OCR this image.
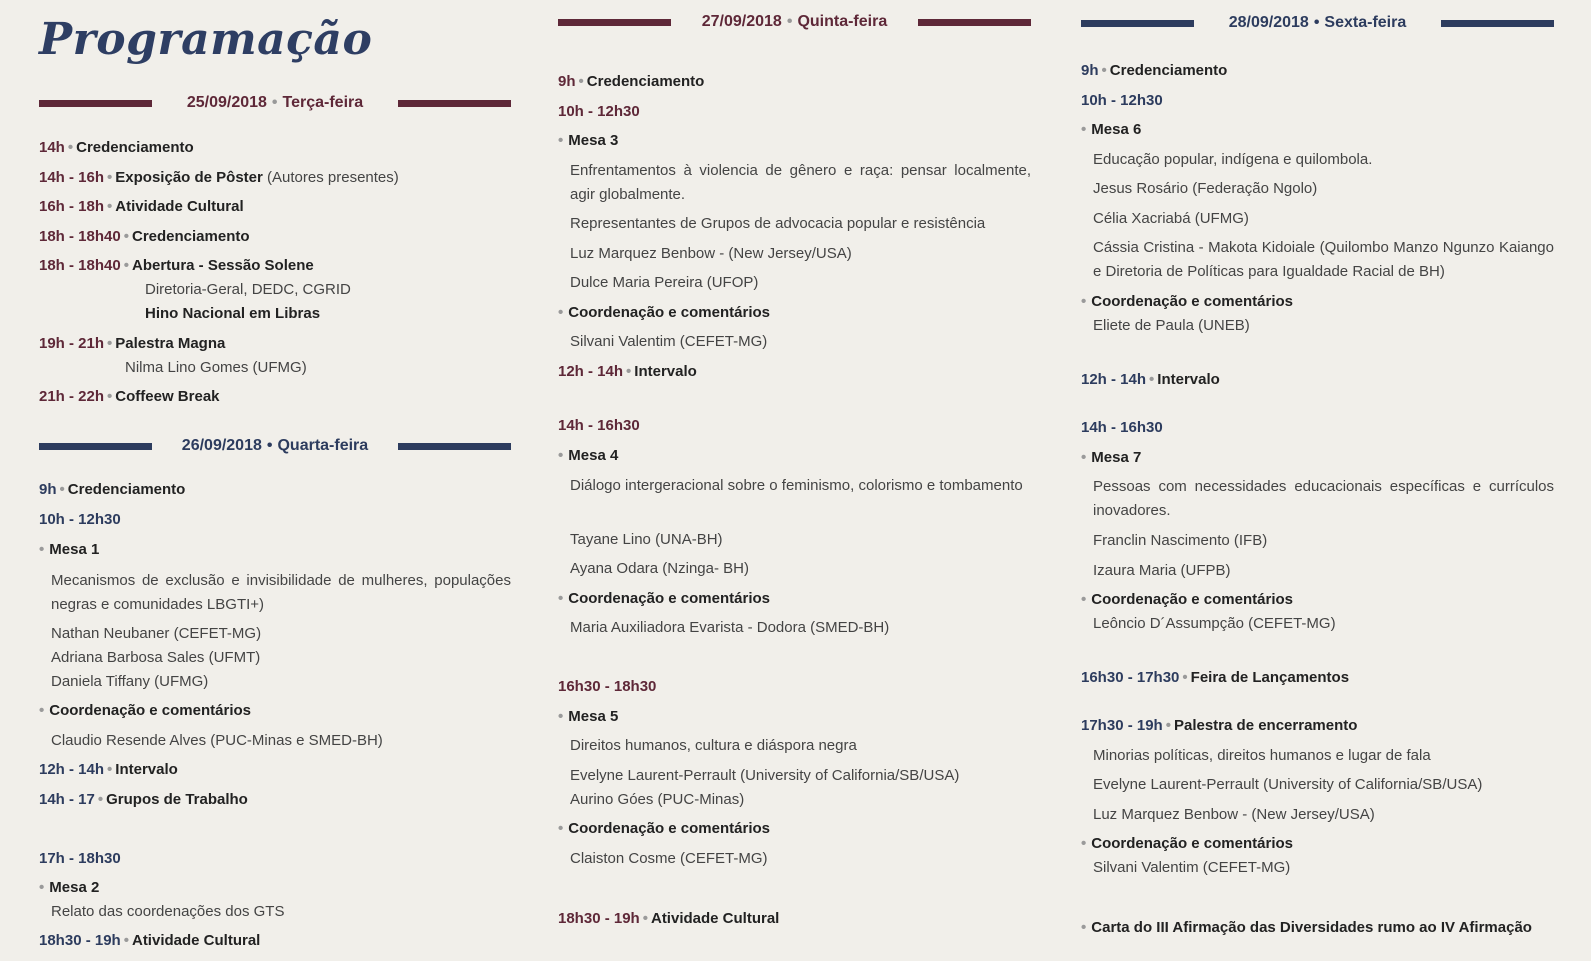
Programação
25/09/2018 • Terça-feira
14h • Credenciamento
14h - 16h • Exposição de Pôster (Autores presentes)
16h - 18h • Atividade Cultural
18h - 18h40 • Credenciamento
18h - 18h40 • Abertura - Sessão Solene
Diretoria-Geral, DEDC, CGRID
Hino Nacional em Libras
19h - 21h • Palestra Magna
Nilma Lino Gomes (UFMG)
21h - 22h • Coffeew Break
26/09/2018 • Quarta-feira
9h • Credenciamento
10h - 12h30
• Mesa 1
Mecanismos de exclusão e invisibilidade de mulheres, populações negras e comunidades LBGTI+)
Nathan Neubaner (CEFET-MG)
Adriana Barbosa Sales (UFMT)
Daniela Tiffany (UFMG)
• Coordenação e comentários
Claudio Resende Alves (PUC-Minas e SMED-BH)
12h - 14h • Intervalo
14h - 17 • Grupos de Trabalho
17h - 18h30
• Mesa 2
Relato das coordenações dos GTS
18h30 - 19h • Atividade Cultural
27/09/2018 • Quinta-feira
9h • Credenciamento
10h - 12h30
• Mesa 3
Enfrentamentos à violencia de gênero e raça: pensar localmente, agir globalmente.
Representantes de Grupos de advocacia popular e resistência
Luz Marquez Benbow - (New Jersey/USA)
Dulce Maria Pereira (UFOP)
• Coordenação e comentários
Silvani Valentim (CEFET-MG)
12h - 14h • Intervalo
14h - 16h30
• Mesa 4
Diálogo intergeracional sobre o feminismo, colorismo e tombamento
Tayane Lino (UNA-BH)
Ayana Odara (Nzinga- BH)
• Coordenação e comentários
Maria Auxiliadora Evarista - Dodora (SMED-BH)
16h30 - 18h30
• Mesa 5
Direitos humanos, cultura e diáspora negra
Evelyne Laurent-Perrault (University of California/SB/USA)
Aurino Góes (PUC-Minas)
• Coordenação e comentários
Claiston Cosme (CEFET-MG)
18h30 - 19h • Atividade Cultural
28/09/2018 • Sexta-feira
9h • Credenciamento
10h - 12h30
• Mesa 6
Educação popular, indígena e quilombola.
Jesus Rosário (Federação Ngolo)
Célia Xacriabá (UFMG)
Cássia Cristina - Makota Kidoiale (Quilombo Manzo Ngunzo Kaiango e Diretoria de Políticas para Igualdade Racial de BH)
• Coordenação e comentários
Eliete de Paula (UNEB)
12h - 14h • Intervalo
14h - 16h30
• Mesa 7
Pessoas com necessidades educacionais específicas e currículos inovadores.
Franclin Nascimento (IFB)
Izaura Maria (UFPB)
• Coordenação e comentários
Leôncio D´Assumpção (CEFET-MG)
16h30 - 17h30 • Feira de Lançamentos
17h30 - 19h • Palestra de encerramento
Minorias políticas, direitos humanos e lugar de fala
Evelyne Laurent-Perrault (University of California/SB/USA)
Luz Marquez Benbow - (New Jersey/USA)
• Coordenação e comentários
Silvani Valentim (CEFET-MG)
• Carta do III Afirmação das Diversidades rumo ao IV Afirmação
